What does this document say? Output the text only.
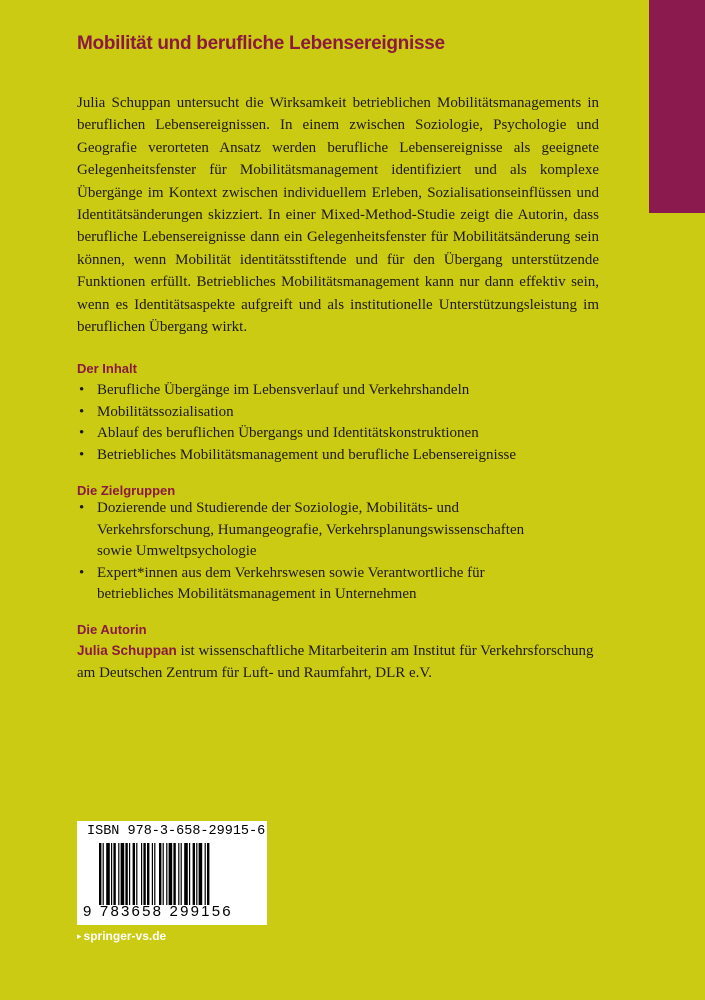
Mobilität und berufliche Lebensereignisse

Julia Schuppan untersucht die Wirksamkeit betrieblichen Mobilitätsmanagements in beruflichen Lebensereignissen. In einem zwischen Soziologie, Psychologie und Geografie verorteten Ansatz werden berufliche Lebensereignisse als geeignete Gelegenheitsfenster für Mobilitätsmanagement identifiziert und als komplexe Übergänge im Kontext zwischen individuellem Erleben, Sozialisationseinflüssen und Identitätsänderungen skizziert. In einer Mixed-Method-Studie zeigt die Autorin, dass berufliche Lebensereignisse dann ein Gelegenheitsfenster für Mobilitätsänderung sein können, wenn Mobilität identitätsstiftende und für den Übergang unterstützende Funktionen erfüllt. Betriebliches Mobilitätsmanagement kann nur dann effektiv sein, wenn es Identitätsaspekte aufgreift und als institutionelle Unterstützungsleistung im beruflichen Übergang wirkt.

Der Inhalt
• Berufliche Übergänge im Lebensverlauf und Verkehrshandeln
• Mobilitätssozialisation
• Ablauf des beruflichen Übergangs und Identitätskonstruktionen
• Betriebliches Mobilitätsmanagement und berufliche Lebensereignisse
Die Zielgruppen
• Dozierende und Studierende der Soziologie, Mobilitäts- und Verkehrsforschung, Humangeografie, Verkehrsplanungswissenschaften sowie Umweltpsychologie
• Expert*innen aus dem Verkehrswesen sowie Verantwortliche für betriebliches Mobilitätsmanagement in Unternehmen
Die Autorin

Julia Schuppan ist wissenschaftliche Mitarbeiterin am Institut für Verkehrsforschung am Deutschen Zentrum für Luft- und Raumfahrt, DLR e.V.

ISBN 978-3-658-29915-6
9 783658 299156
▸ springer-vs.de
